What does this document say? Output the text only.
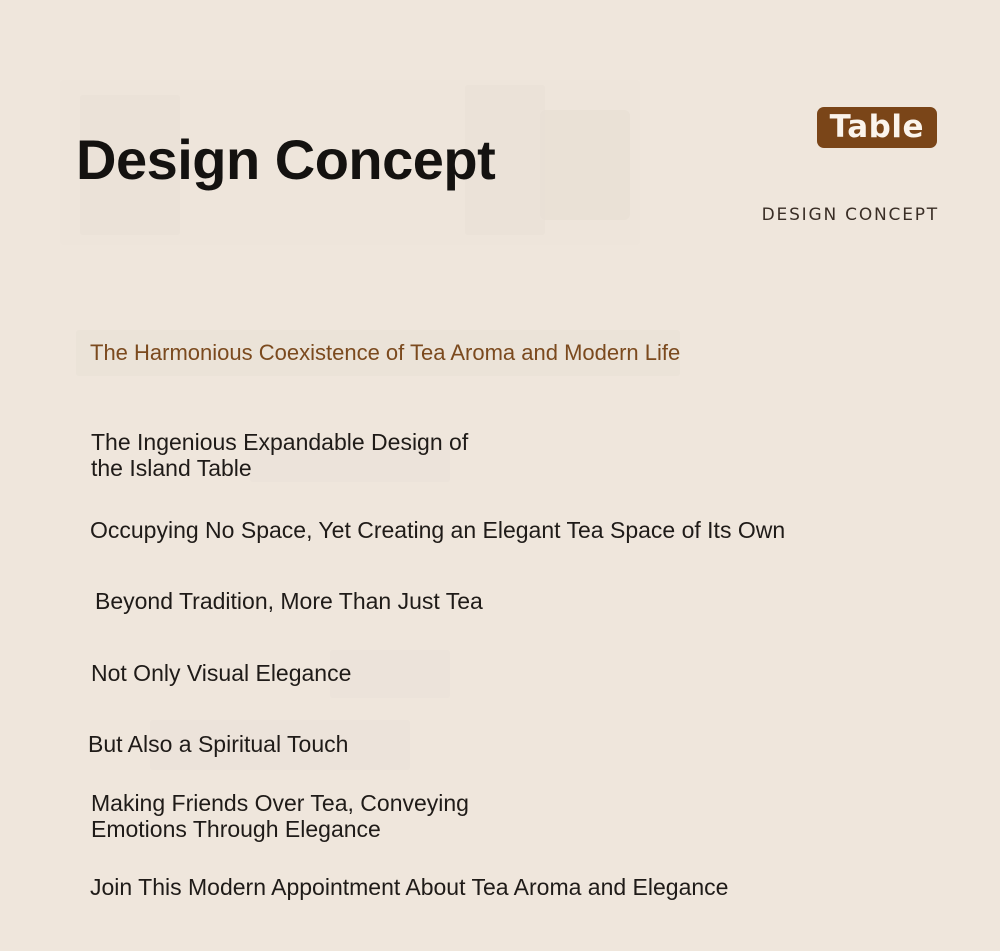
Design Concept
Table
DESIGN CONCEPT
The Harmonious Coexistence of Tea Aroma and Modern Life
The Ingenious Expandable Design of
the Island Table
Occupying No Space, Yet Creating an Elegant Tea Space of Its Own
Beyond Tradition, More Than Just Tea
Not Only Visual Elegance
But Also a Spiritual Touch
Making Friends Over Tea, Conveying
Emotions Through Elegance
Join This Modern Appointment About Tea Aroma and Elegance
